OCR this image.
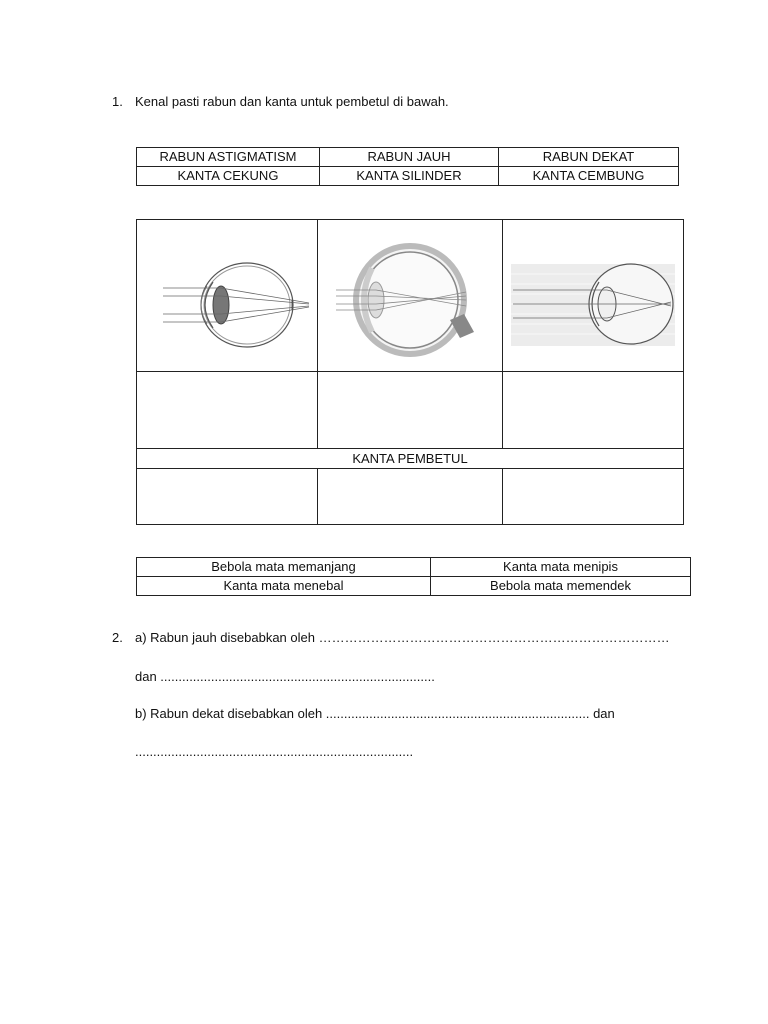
1. Kenal pasti rabun dan kanta untuk pembetul di bawah.
RABUN ASTIGMATISM	RABUN JAUH	RABUN DEKAT
KANTA CEKUNG	KANTA SILINDER	KANTA CEMBUNG
KANTA PEMBETUL
Bebola mata memanjang	Kanta mata menipis
Kanta mata menebal	Bebola mata memendek
2. a) Rabun jauh disebabkan oleh ………………………………………………………………………
dan ............................................................................
b) Rabun dekat disebabkan oleh ......................................................................... dan
.............................................................................
